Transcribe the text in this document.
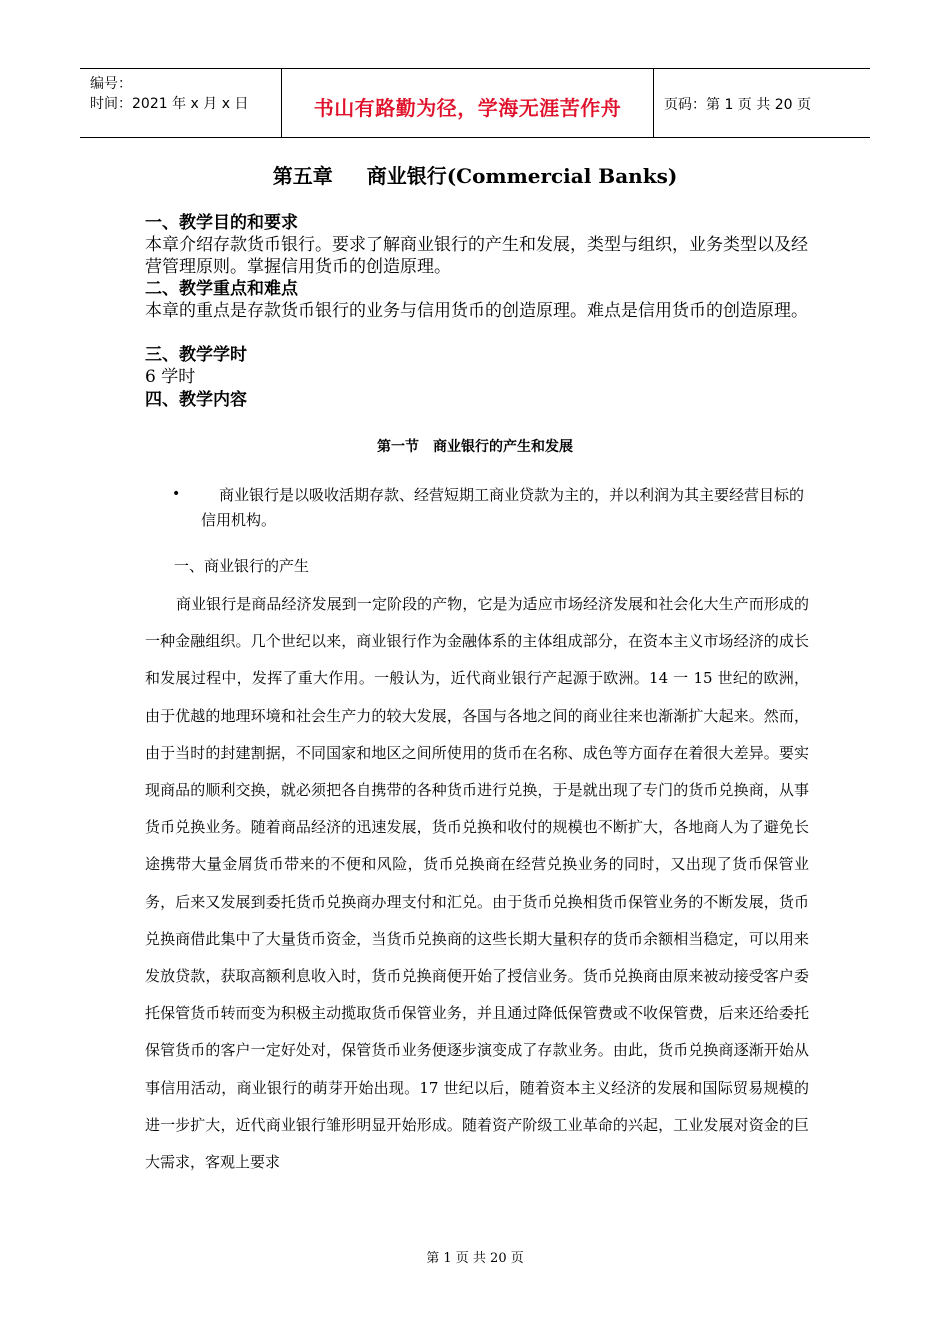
编号：
时间：2021 年 x 月 x 日	书山有路勤为径，学海无涯苦作舟	页码：第 1 页 共 20 页
第五章 商业银行(Commercial Banks)
一、教学目的和要求
本章介绍存款货币银行。要求了解商业银行的产生和发展，类型与组织，业务类型以及经营管理原则。掌握信用货币的创造原理。
二、教学重点和难点
本章的重点是存款货币银行的业务与信用货币的创造原理。难点是信用货币的创造原理。
三、教学学时
6 学时
四、教学内容
第一节 商业银行的产生和发展
•	商业银行是以吸收活期存款、经营短期工商业贷款为主的，并以利润为其主要经营目标的信用机构。
一、商业银行的产生
商业银行是商品经济发展到一定阶段的产物，它是为适应市场经济发展和社会化大生产而形成的一种金融组织。几个世纪以来，商业银行作为金融体系的主体组成部分，在资本主义市场经济的成长和发展过程中，发挥了重大作用。一般认为，近代商业银行产起源于欧洲。14 一 15 世纪的欧洲，由于优越的地理环境和社会生产力的较大发展，各国与各地之间的商业往来也渐渐扩大起来。然而，由于当时的封建割据，不同国家和地区之间所使用的货币在名称、成色等方面存在着很大差异。要实现商品的顺利交换，就必须把各自携带的各种货币进行兑换，于是就出现了专门的货币兑换商，从事货币兑换业务。随着商品经济的迅速发展，货币兑换和收付的规模也不断扩大，各地商人为了避免长途携带大量金屑货币带来的不便和风险，货币兑换商在经营兑换业务的同时，又出现了货币保管业务，后来又发展到委托货币兑换商办理支付和汇兑。由于货币兑换相货币保管业务的不断发展，货币兑换商借此集中了大量货币资金，当货币兑换商的这些长期大量积存的货币余额相当稳定，可以用来发放贷款，获取高额利息收入时，货币兑换商便开始了授信业务。货币兑换商由原来被动接受客户委托保管货币转而变为积极主动揽取货币保管业务，并且通过降低保管费或不收保管费，后来还给委托保管货币的客户一定好处对，保管货币业务便逐步演变成了存款业务。由此，货币兑换商逐渐开始从事信用活动，商业银行的萌芽开始出现。17 世纪以后，随着资本主义经济的发展和国际贸易规模的进一步扩大，近代商业银行雏形明显开始形成。随着资产阶级工业革命的兴起，工业发展对资金的巨大需求，客观上要求
第 1 页 共 20 页
